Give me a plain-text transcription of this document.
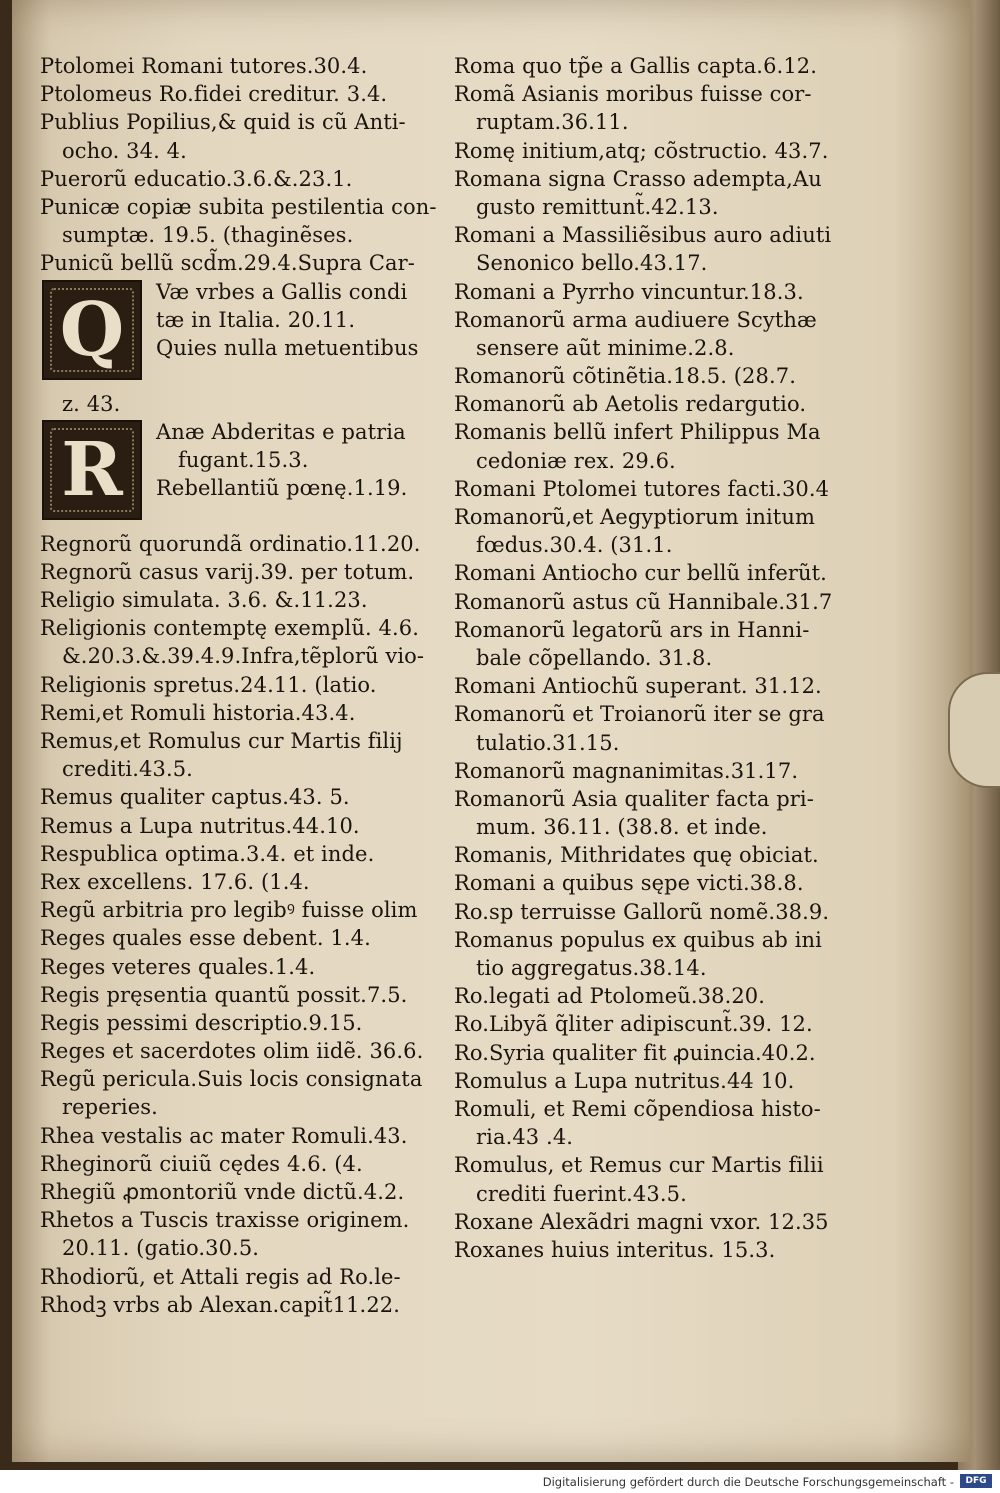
Ptolomei Romani tutores.30.4.
Ptolomeus Ro.fidei creditur. 3.4.
Publius Popilius,& quid is cũ Anti-
ocho. 34. 4.
Puerorũ educatio.3.6.&.23.1.
Punicæ copiæ subita pestilentia con-
sumptæ. 19.5. (thaginẽses.
Punicũ bellũ scd̃m.29.4.Supra Car-
Q Væ vrbes a Gallis condi
tæ in Italia. 20.11.
Quies nulla metuentibus
z. 43.
R Anæ Abderitas e patria
fugant.15.3.
Rebellantiũ pœnę.1.19.
Regnorũ quorundã ordinatio.11.20.
Regnorũ casus varij.39. per totum.
Religio simulata. 3.6. &.11.23.
Religionis contemptę exemplũ. 4.6.
&.20.3.&.39.4.9.Infra,tẽplorũ vio-
Religionis spretus.24.11. (latio.
Remi,et Romuli historia.43.4.
Remus,et Romulus cur Martis filij
crediti.43.5.
Remus qualiter captus.43. 5.
Remus a Lupa nutritus.44.10.
Respublica optima.3.4. et inde.
Rex excellens. 17.6. (1.4.
Regũ arbitria pro legibꝰ fuisse olim
Reges quales esse debent. 1.4.
Reges veteres quales.1.4.
Regis pręsentia quantũ possit.7.5.
Regis pessimi descriptio.9.15.
Reges et sacerdotes olim iidẽ. 36.6.
Regũ pericula.Suis locis consignata
reperies.
Rhea vestalis ac mater Romuli.43.
Rheginorũ ciuiũ cędes 4.6. (4.
Rhegiũ ꝓmontoriũ vnde dictũ.4.2.
Rhetos a Tuscis traxisse originem.
20.11. (gatio.30.5.
Rhodiorũ, et Attali regis ad Ro.le-
Rhodꝫ vrbs ab Alexan.capit̃11.22.
Roma quo tp̃e a Gallis capta.6.12.
Romã Asianis moribus fuisse cor-
ruptam.36.11.
Romę initium,atq; cõstructio. 43.7.
Romana signa Crasso adempta,Au
gusto remittunt̃.42.13.
Romani a Massiliẽsibus auro adiuti
Senonico bello.43.17.
Romani a Pyrrho vincuntur.18.3.
Romanorũ arma audiuere Scythæ
sensere aũt minime.2.8.
Romanorũ cõtinẽtia.18.5. (28.7.
Romanorũ ab Aetolis redargutio.
Romanis bellũ infert Philippus Ma
cedoniæ rex. 29.6.
Romani Ptolomei tutores facti.30.4
Romanorũ,et Aegyptiorum initum
fœdus.30.4. (31.1.
Romani Antiocho cur bellũ inferũt.
Romanorũ astus cũ Hannibale.31.7
Romanorũ legatorũ ars in Hanni-
bale cõpellando. 31.8.
Romani Antiochũ superant. 31.12.
Romanorũ et Troianorũ iter se gra
tulatio.31.15.
Romanorũ magnanimitas.31.17.
Romanorũ Asia qualiter facta pri-
mum. 36.11. (38.8. et inde.
Romanis, Mithridates quę obiciat.
Romani a quibus sępe victi.38.8.
Ro.sp terruisse Gallorũ nomẽ.38.9.
Romanus populus ex quibus ab ini
tio aggregatus.38.14.
Ro.legati ad Ptolomeũ.38.20.
Ro.Libyã q̃liter adipiscunt̃.39. 12.
Ro.Syria qualiter fit ꝓuincia.40.2.
Romulus a Lupa nutritus.44 10.
Romuli, et Remi cõpendiosa histo-
ria.43 .4.
Romulus, et Remus cur Martis filii
crediti fuerint.43.5.
Roxane Alexãdri magni vxor. 12.35
Roxanes huius interitus. 15.3.
Digitalisierung gefördert durch die Deutsche Forschungsgemeinschaft -	DFG
